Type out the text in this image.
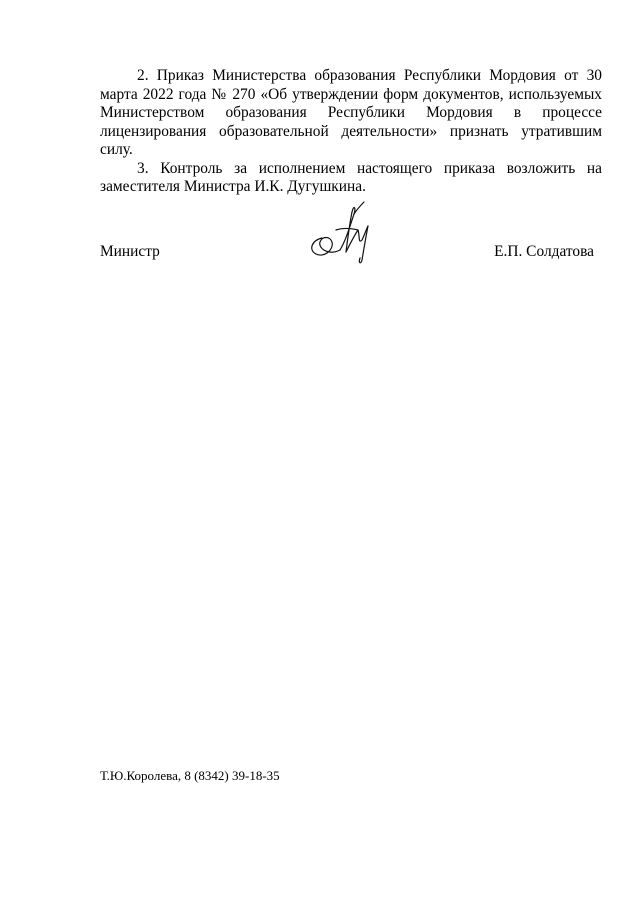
2. Приказ Министерства образования Республики Мордовия от 30 марта 2022 года № 270 «Об утверждении форм документов, используемых Министерством образования Республики Мордовия в процессе лицензирования образовательной деятельности» признать утратившим силу.

3. Контроль за исполнением настоящего приказа возложить на заместителя Министра И.К. Дугушкина.

Министр	Е.П. Солдатова
Т.Ю.Королева, 8 (8342) 39-18-35
